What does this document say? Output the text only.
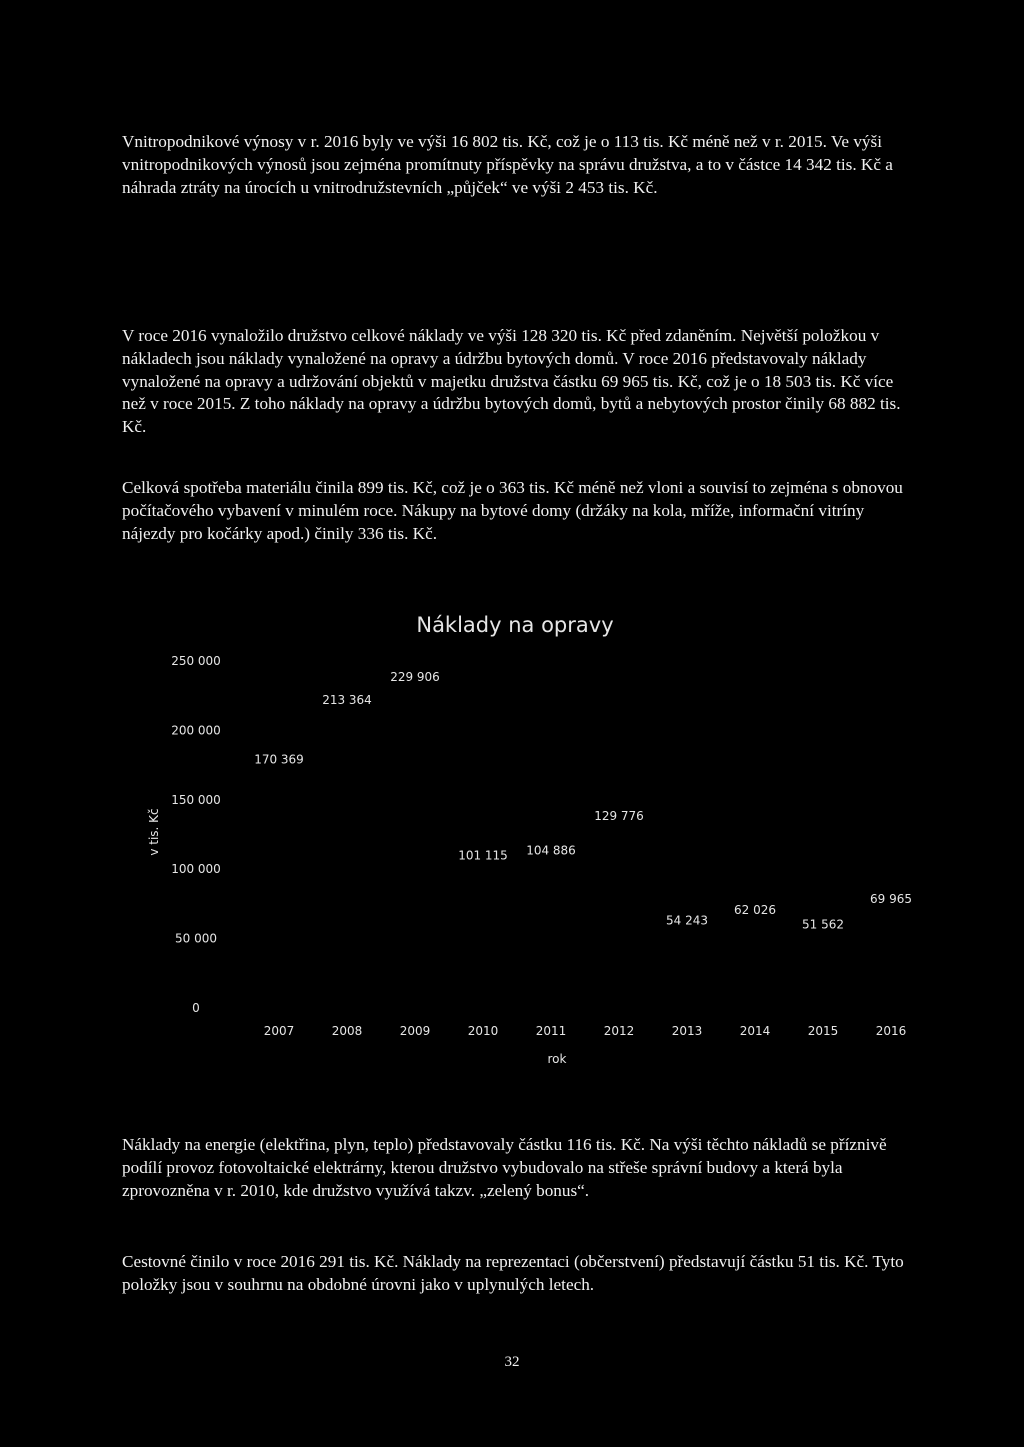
Vnitropodnikové výnosy v r. 2016 byly ve výši 16 802 tis. Kč, což je o 113 tis. Kč méně než v r. 2015. Ve výši vnitropodnikových výnosů jsou zejména promítnuty příspěvky na správu družstva, a to v částce 14 342 tis. Kč a náhrada ztráty na úrocích u vnitrodružstevních „půjček“ ve výši 2 453 tis. Kč.

V roce 2016 vynaložilo družstvo celkové náklady ve výši 128 320 tis. Kč před zdaněním. Největší položkou v nákladech jsou náklady vynaložené na opravy a údržbu bytových domů. V roce 2016 představovaly náklady vynaložené na opravy a udržování objektů v majetku družstva částku 69 965 tis. Kč, což je o 18 503 tis. Kč více než v roce 2015. Z toho náklady na opravy a údržbu bytových domů, bytů a nebytových prostor činily 68 882 tis. Kč.

Celková spotřeba materiálu činila 899 tis. Kč, což je o 363 tis. Kč méně než vloni a souvisí to zejména s obnovou počítačového vybavení v minulém roce. Nákupy na bytové domy (držáky na kola, mříže, informační vitríny nájezdy pro kočárky apod.) činily 336 tis. Kč.

Náklady na opravy
v tis. Kč
rok
0
50 000
100 000
150 000
200 000
250 000
170 369
2007
213 364
2008
229 906
2009
101 115
2010
104 886
2011
129 776
2012
54 243
2013
62 026
2014
51 562
2015
69 965
2016

Náklady na energie (elektřina, plyn, teplo) představovaly částku 116 tis. Kč. Na výši těchto nákladů se příznivě podílí provoz fotovoltaické elektrárny, kterou družstvo vybudovalo na střeše správní budovy a která byla zprovozněna v r. 2010, kde družstvo využívá takzv. „zelený bonus“.

Cestovné činilo v roce 2016 291 tis. Kč. Náklady na reprezentaci (občerstvení) představují částku 51 tis. Kč. Tyto položky jsou v souhrnu na obdobné úrovni jako v uplynulých letech.

32
